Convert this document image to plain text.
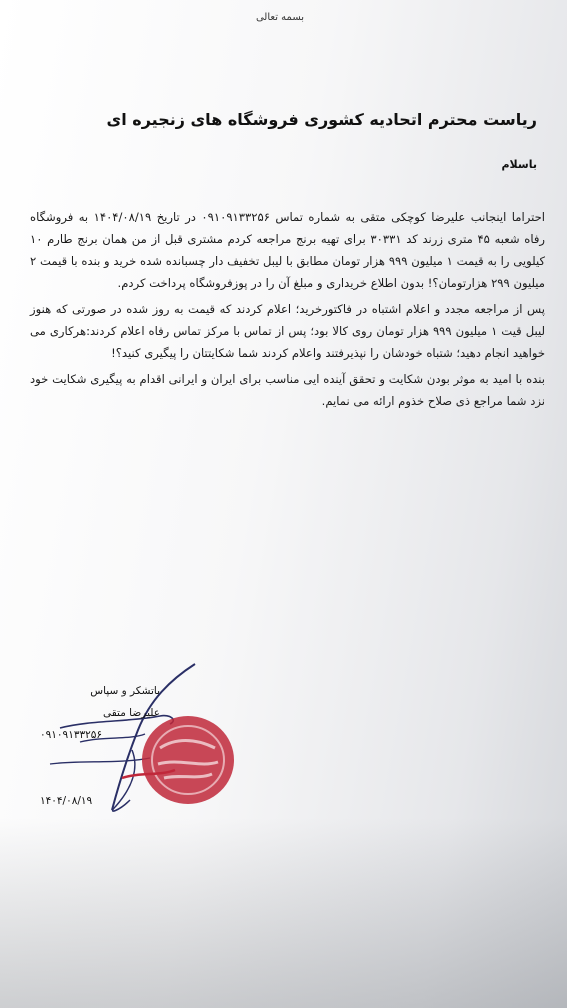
بسمه تعالی
ریاست محترم اتحادیه کشوری فروشگاه های زنجیره ای
باسلام

احتراما اینجانب علیرضا کوچکی متقی به شماره تماس ۰۹۱۰۹۱۳۳۲۵۶ در تاریخ ۱۴۰۴/۰۸/۱۹ به فروشگاه رفاه شعبه ۴۵ متری زرند کد ۳۰۳۳۱ برای تهیه برنج مراجعه کردم مشتری قبل از من همان برنج طارم ۱۰ کیلویی را به قیمت ۱ میلیون ۹۹۹ هزار تومان مطابق با لیبل تخفیف دار چسبانده شده خرید و بنده با قیمت ۲ میلیون ۲۹۹ هزارتومان؟! بدون اطلاع خریداری و مبلغ آن را در پوزفروشگاه پرداخت کردم.

پس از مراجعه مجدد و اعلام اشتباه در فاکتورخرید؛ اعلام کردند که قیمت به روز شده در صورتی که هنوز لیبل قیت ۱ میلیون ۹۹۹ هزار تومان روی کالا بود؛ پس از تماس با مرکز تماس رفاه اعلام کردند:هرکاری می خواهید انجام دهید؛ شتباه خودشان را نپذیرفتند واعلام کردند شما شکایتتان را پیگیری کنید؟!

بنده با امید به موثر بودن شکایت و تحقق آینده ایی مناسب برای ایران و ایرانی اقدام به پیگیری شکایت خود نزد شما مراجع ذی صلاح خذوم ارائه می نمایم.

باتشکر و سپاس
علیرضا متقی
۰۹۱۰۹۱۳۳۲۵۶
۱۴۰۴/۰۸/۱۹
